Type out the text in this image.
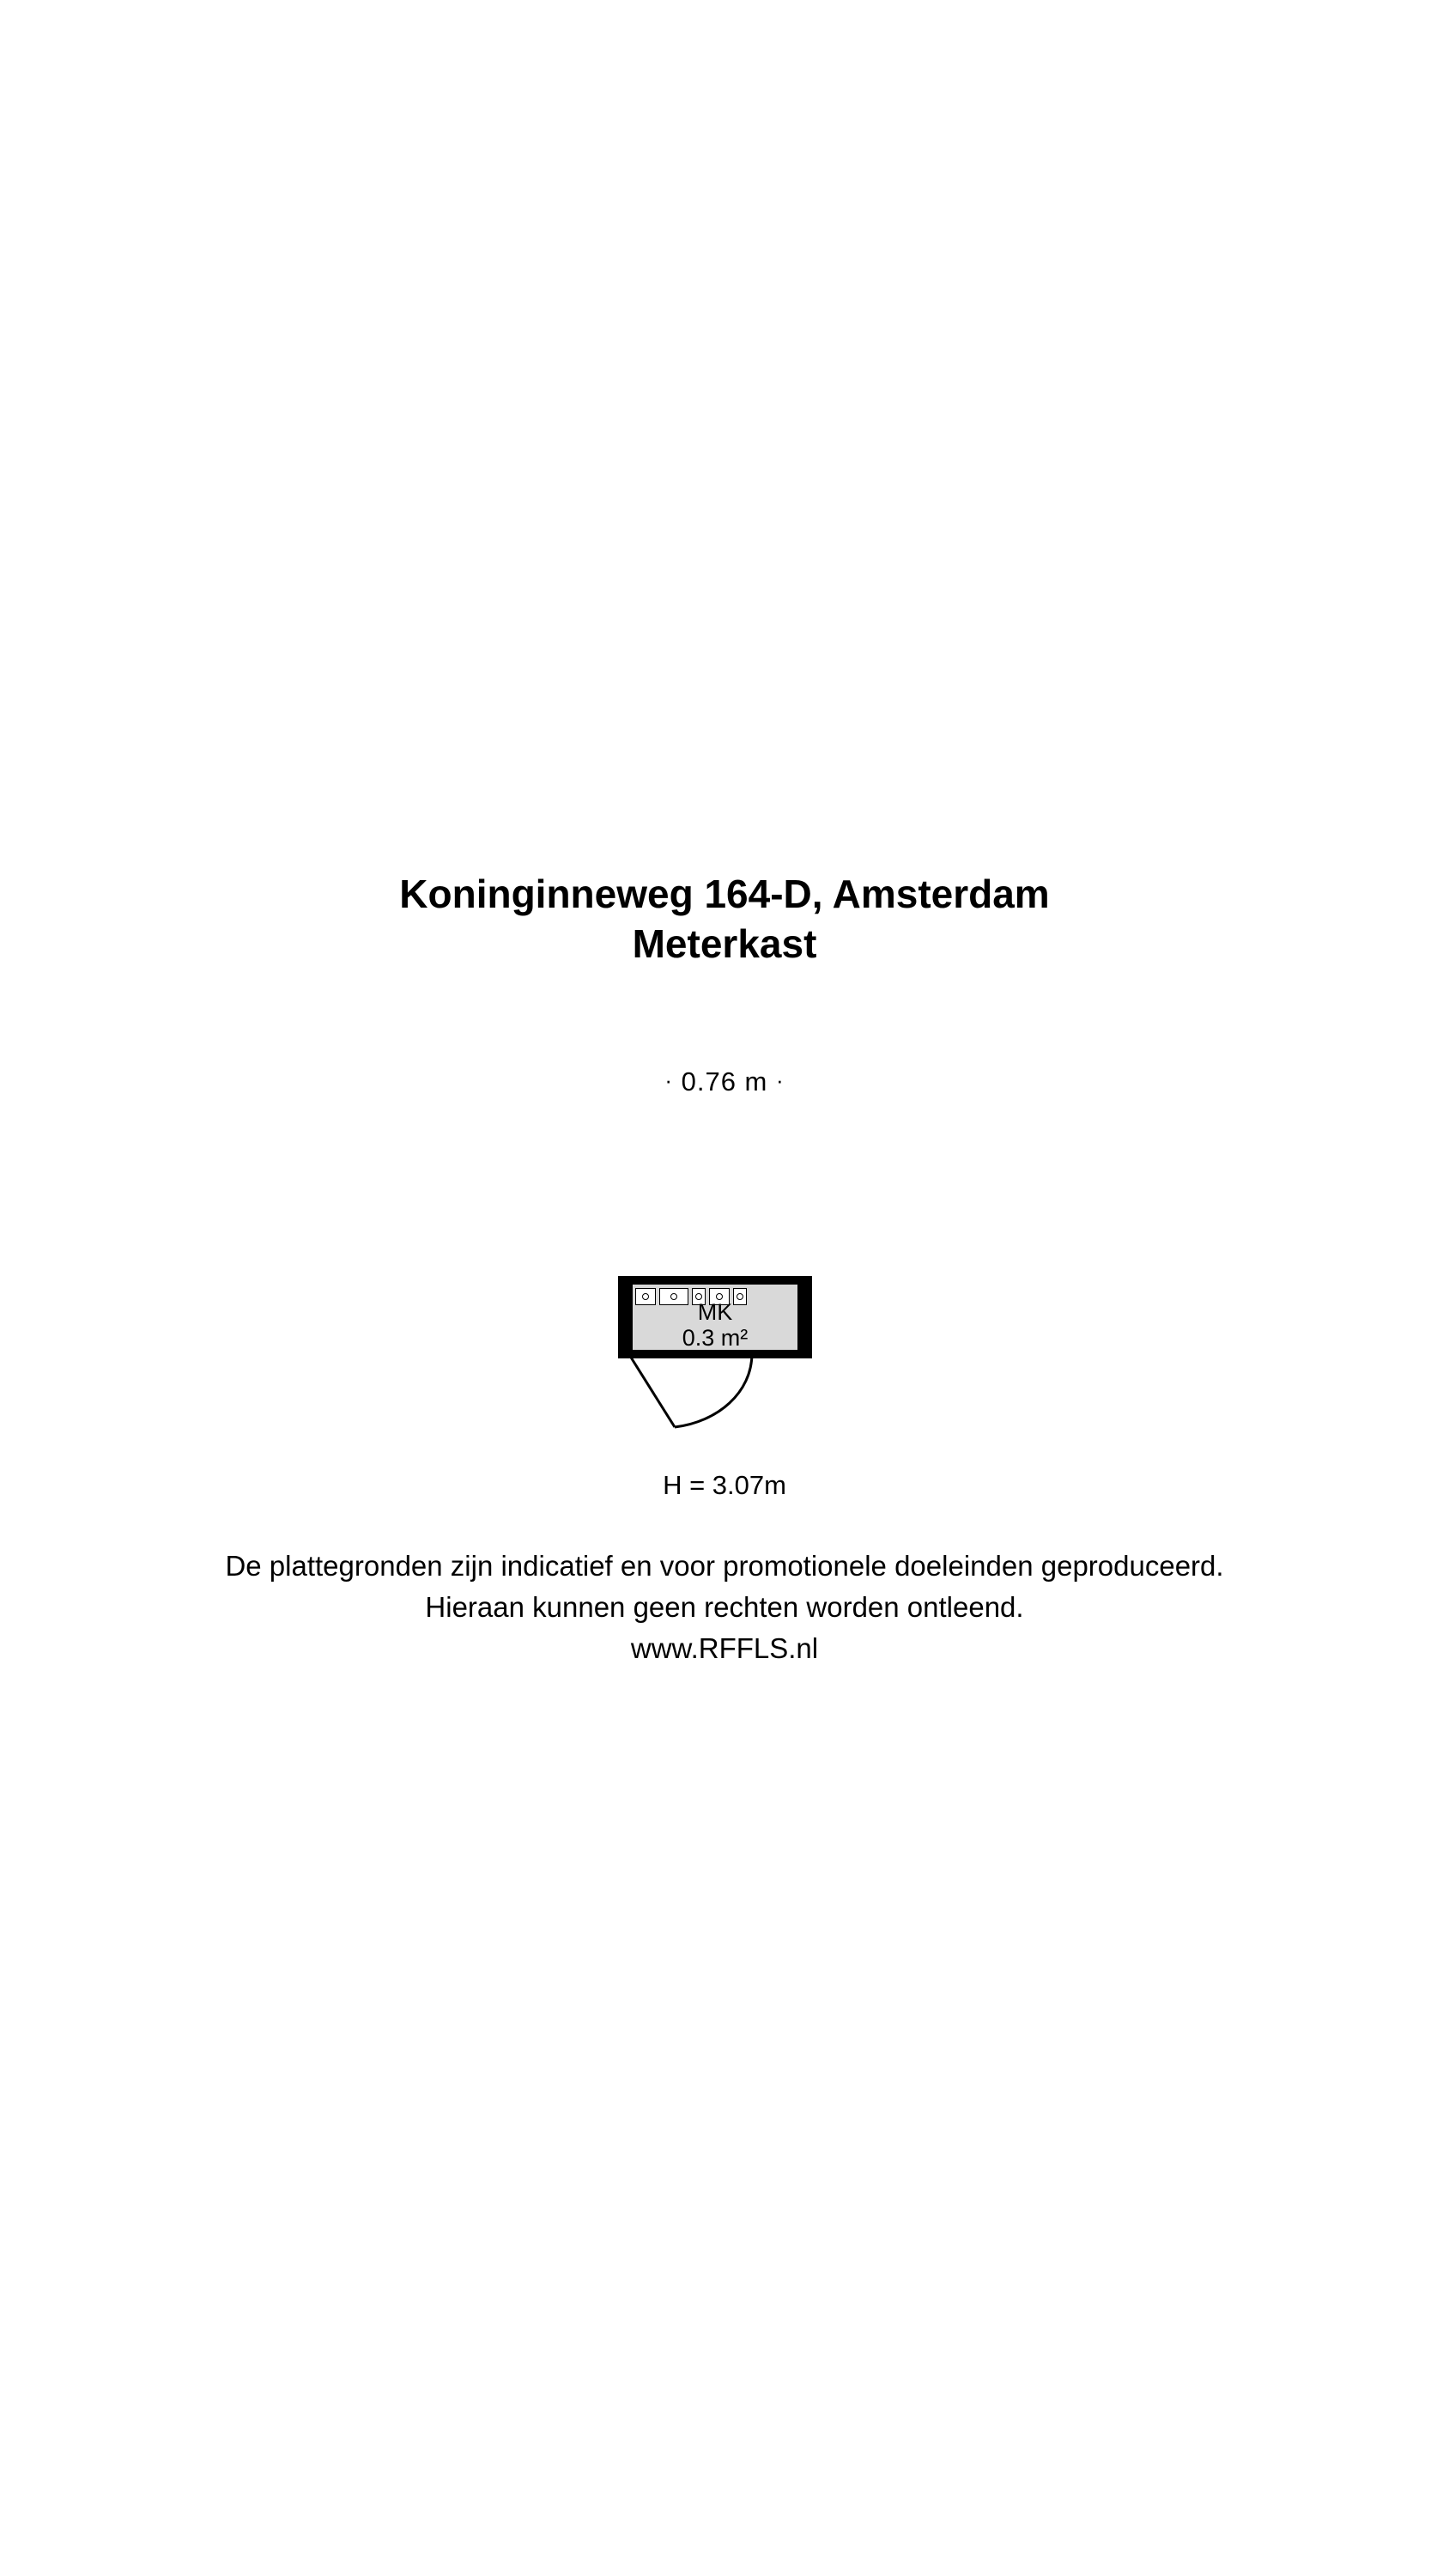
Koninginneweg 164-D, Amsterdam
Meterkast
· 0.76 m ·
MK
0.3 m²
H = 3.07m
De plattegronden zijn indicatief en voor promotionele doeleinden geproduceerd.
Hieraan kunnen geen rechten worden ontleend.
www.RFFLS.nl
